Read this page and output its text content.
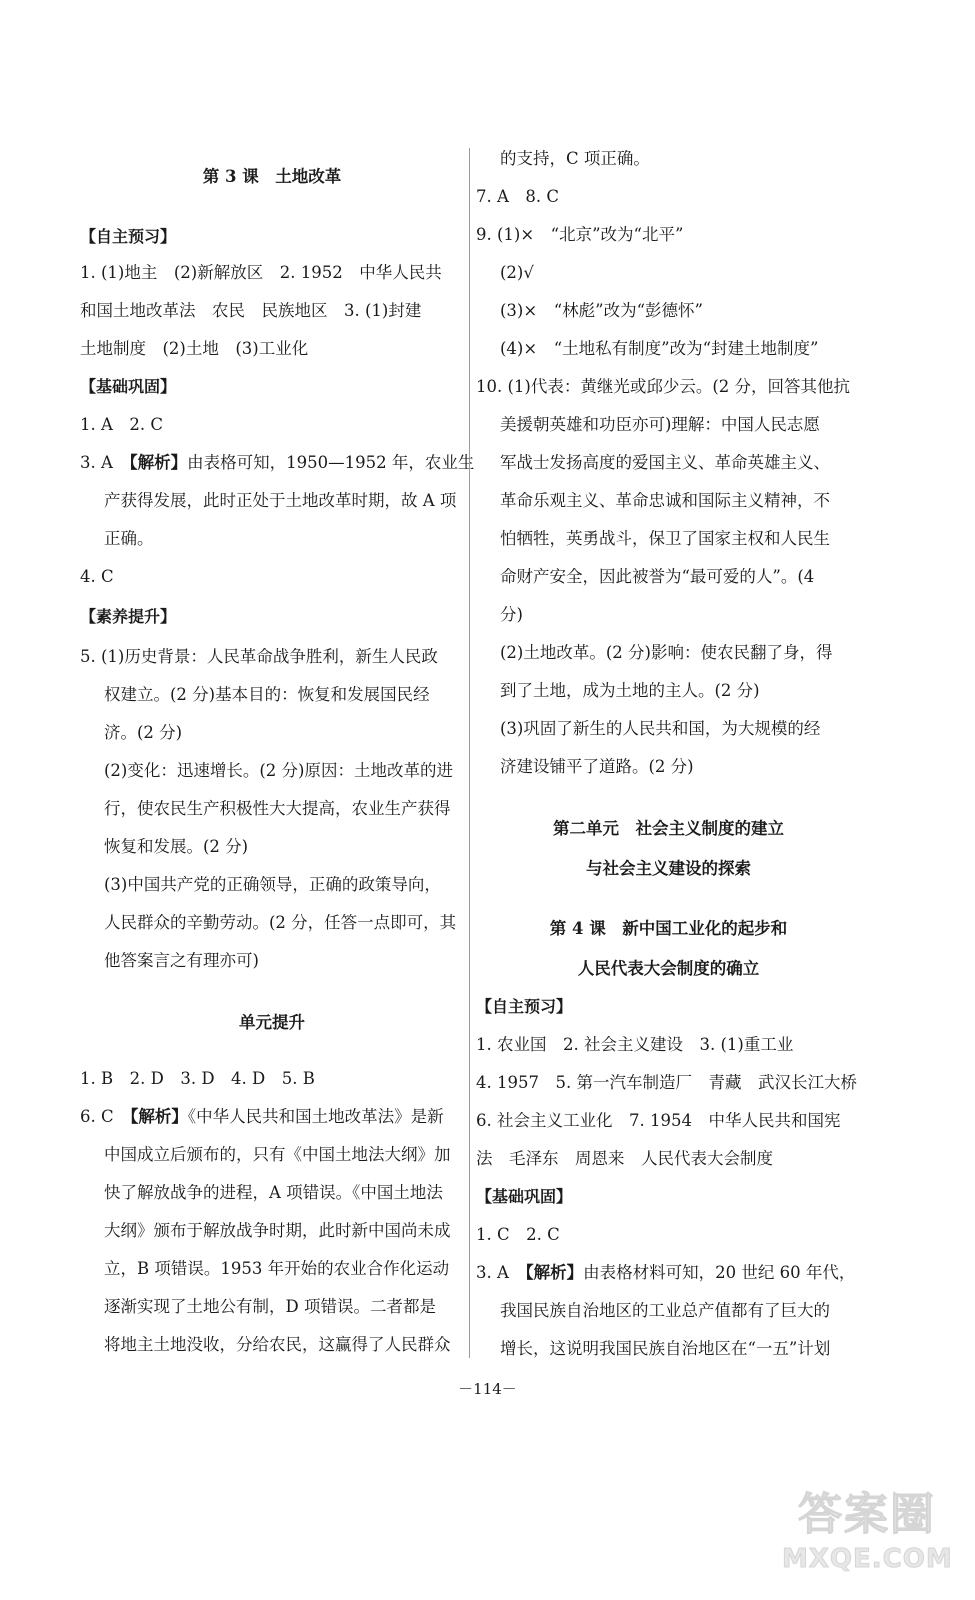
第 3 课　土地改革
【自主预习】
1. (1)地主　(2)新解放区　2. 1952　中华人民共
和国土地改革法　农民　民族地区　3. (1)封建
土地制度　(2)土地　(3)工业化
【基础巩固】
1. A　2. C
3. A　【解析】由表格可知，1950—1952 年，农业生
产获得发展，此时正处于土地改革时期，故 A 项
正确。
4. C
【素养提升】
5. (1)历史背景：人民革命战争胜利，新生人民政
权建立。(2 分)基本目的：恢复和发展国民经
济。(2 分)
(2)变化：迅速增长。(2 分)原因：土地改革的进
行，使农民生产积极性大大提高，农业生产获得
恢复和发展。(2 分)
(3)中国共产党的正确领导，正确的政策导向，
人民群众的辛勤劳动。(2 分，任答一点即可，其
他答案言之有理亦可)
单元提升
1. B　2. D　3. D　4. D　5. B
6. C　【解析】《中华人民共和国土地改革法》是新
中国成立后颁布的，只有《中国土地法大纲》加
快了解放战争的进程，A 项错误。《中国土地法
大纲》颁布于解放战争时期，此时新中国尚未成
立，B 项错误。1953 年开始的农业合作化运动
逐渐实现了土地公有制，D 项错误。二者都是
将地主土地没收，分给农民，这赢得了人民群众
的支持，C 项正确。
7. A　8. C
9. (1)×　“北京”改为“北平”
(2)√
(3)×　“林彪”改为“彭德怀”
(4)×　“土地私有制度”改为“封建土地制度”
10. (1)代表：黄继光或邱少云。(2 分，回答其他抗
美援朝英雄和功臣亦可)理解：中国人民志愿
军战士发扬高度的爱国主义、革命英雄主义、
革命乐观主义、革命忠诚和国际主义精神，不
怕牺牲，英勇战斗，保卫了国家主权和人民生
命财产安全，因此被誉为“最可爱的人”。(4
分)
(2)土地改革。(2 分)影响：使农民翻了身，得
到了土地，成为土地的主人。(2 分)
(3)巩固了新生的人民共和国，为大规模的经
济建设铺平了道路。(2 分)
第二单元　社会主义制度的建立
与社会主义建设的探索
第 4 课　新中国工业化的起步和
人民代表大会制度的确立
【自主预习】
1. 农业国　2. 社会主义建设　3. (1)重工业
4. 1957　5. 第一汽车制造厂　青藏　武汉长江大桥
6. 社会主义工业化　7. 1954　中华人民共和国宪
法　毛泽东　周恩来　人民代表大会制度
【基础巩固】
1. C　2. C
3. A　【解析】由表格材料可知，20 世纪 60 年代，
我国民族自治地区的工业总产值都有了巨大的
增长，这说明我国民族自治地区在“一五”计划
－114－
答案圈
MXQE.COM
